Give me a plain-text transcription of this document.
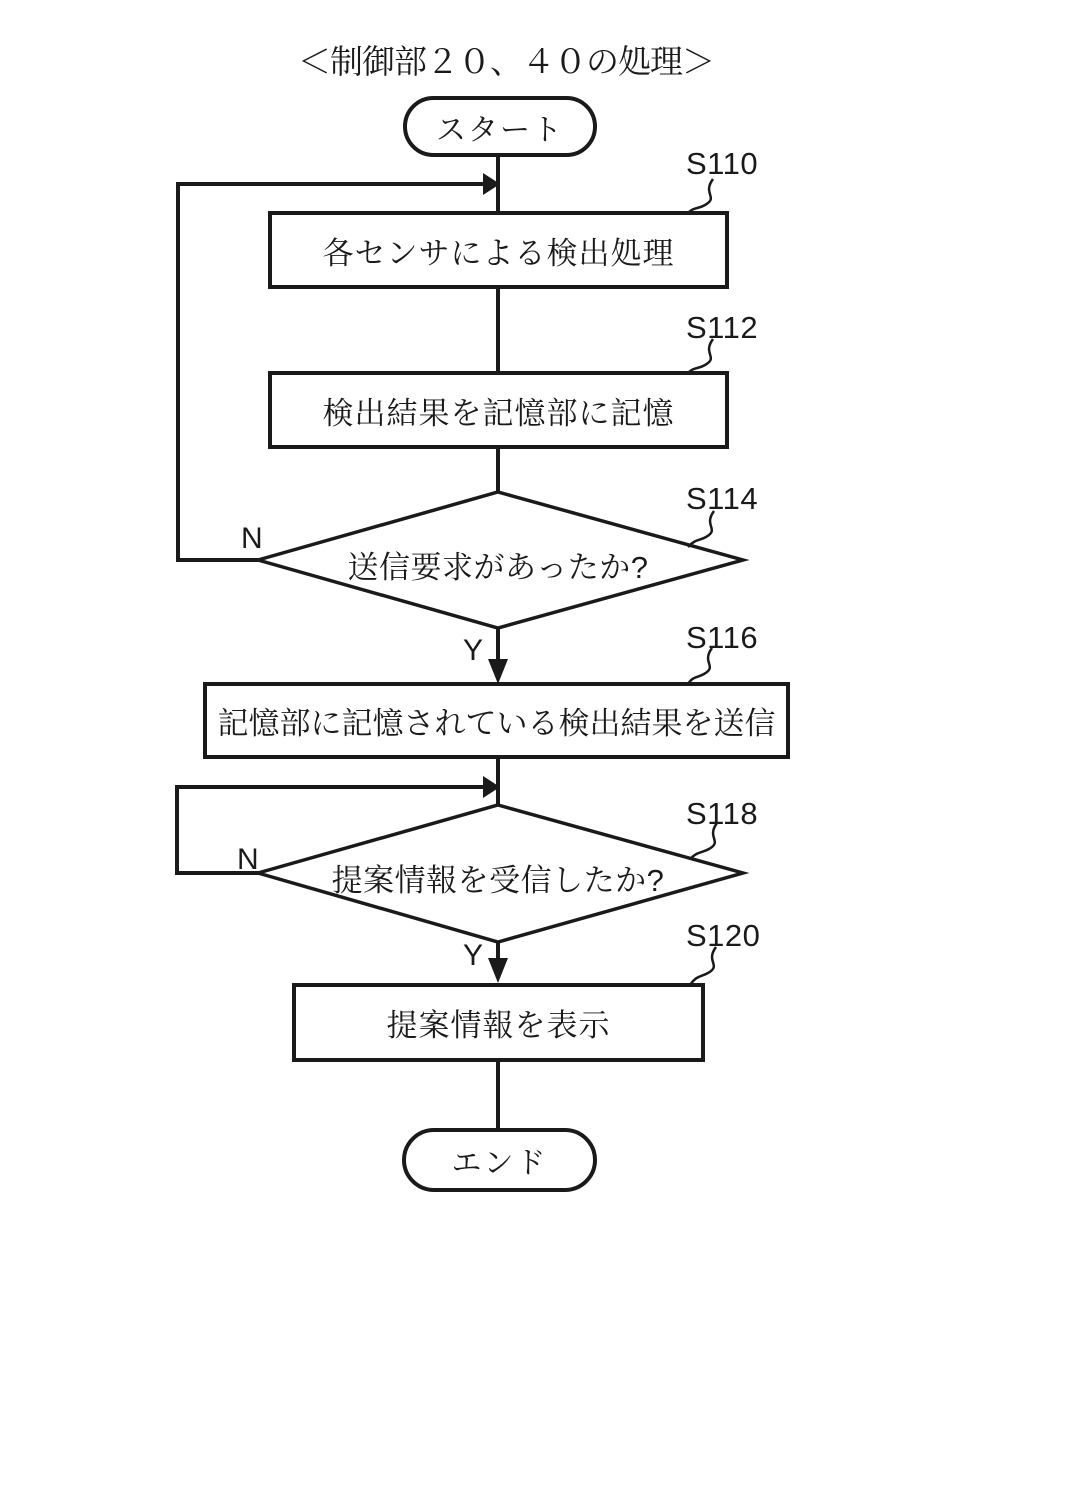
＜制御部２０、４０の処理＞
スタート
各センサによる検出処理
検出結果を記憶部に記憶
記憶部に記憶されている検出結果を送信
提案情報を表示
送信要求があったか?
提案情報を受信したか?
エンド
S110
S112
S114
S116
S118
S120
N
Y
N
Y
